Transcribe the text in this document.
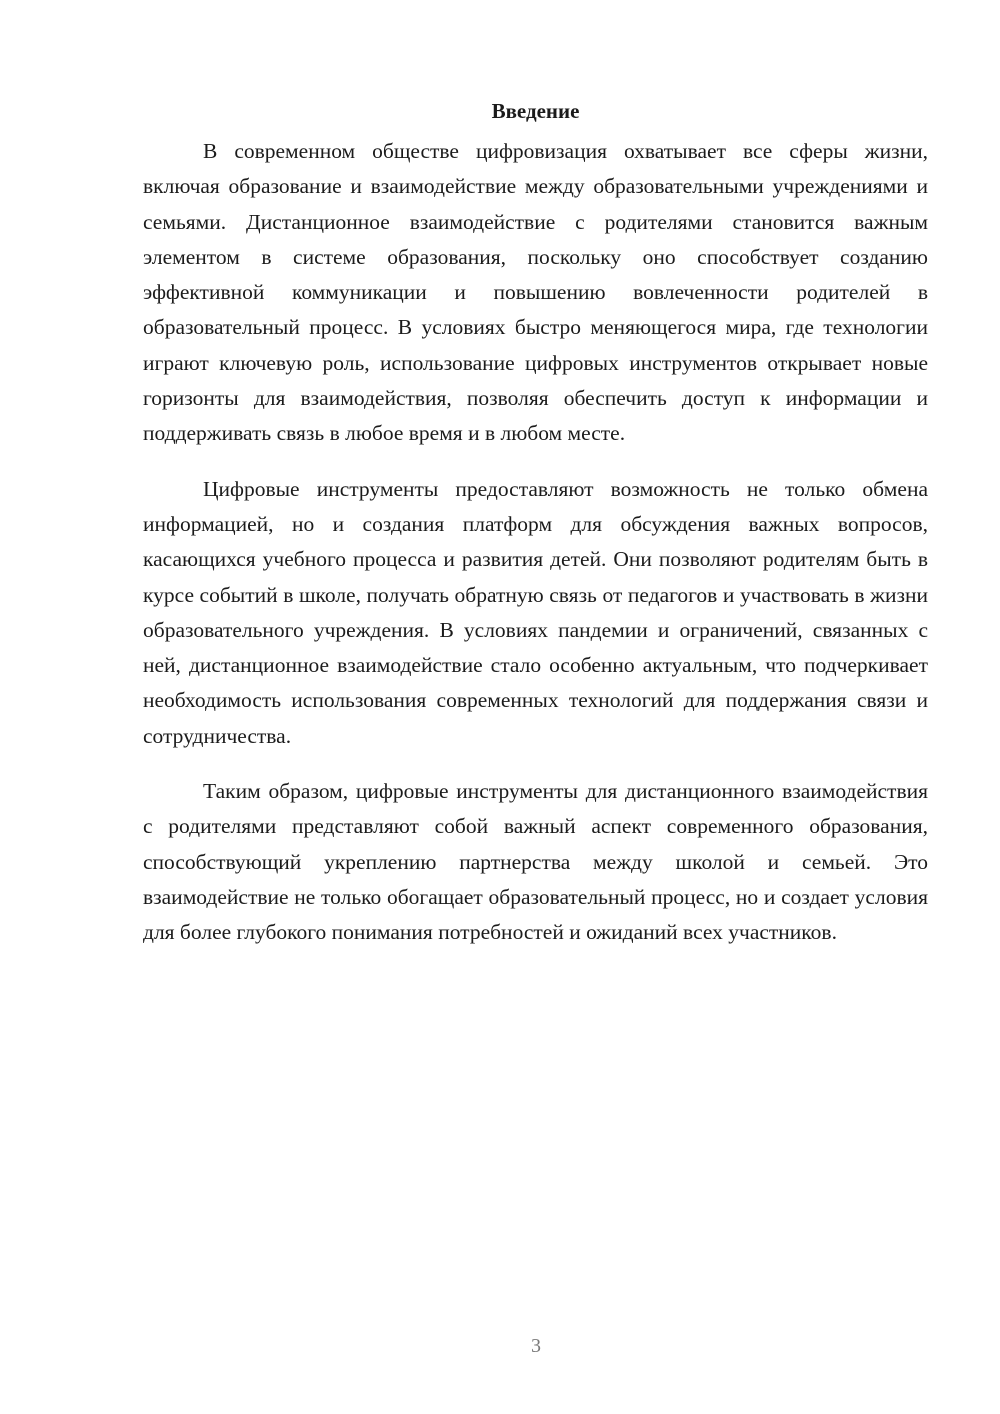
Введение

В современном обществе цифровизация охватывает все сферы жизни, включая образование и взаимодействие между образовательными учреждениями и семьями. Дистанционное взаимодействие с родителями становится важным элементом в системе образования, поскольку оно способствует созданию эффективной коммуникации и повышению вовлеченности родителей в образовательный процесс. В условиях быстро меняющегося мира, где технологии играют ключевую роль, использование цифровых инструментов открывает новые горизонты для взаимодействия, позволяя обеспечить доступ к информации и поддерживать связь в любое время и в любом месте.

Цифровые инструменты предоставляют возможность не только обмена информацией, но и создания платформ для обсуждения важных вопросов, касающихся учебного процесса и развития детей. Они позволяют родителям быть в курсе событий в школе, получать обратную связь от педагогов и участвовать в жизни образовательного учреждения. В условиях пандемии и ограничений, связанных с ней, дистанционное взаимодействие стало особенно актуальным, что подчеркивает необходимость использования современных технологий для поддержания связи и сотрудничества.

Таким образом, цифровые инструменты для дистанционного взаимодействия с родителями представляют собой важный аспект современного образования, способствующий укреплению партнерства между школой и семьей. Это взаимодействие не только обогащает образовательный процесс, но и создает условия для более глубокого понимания потребностей и ожиданий всех участников.

3
